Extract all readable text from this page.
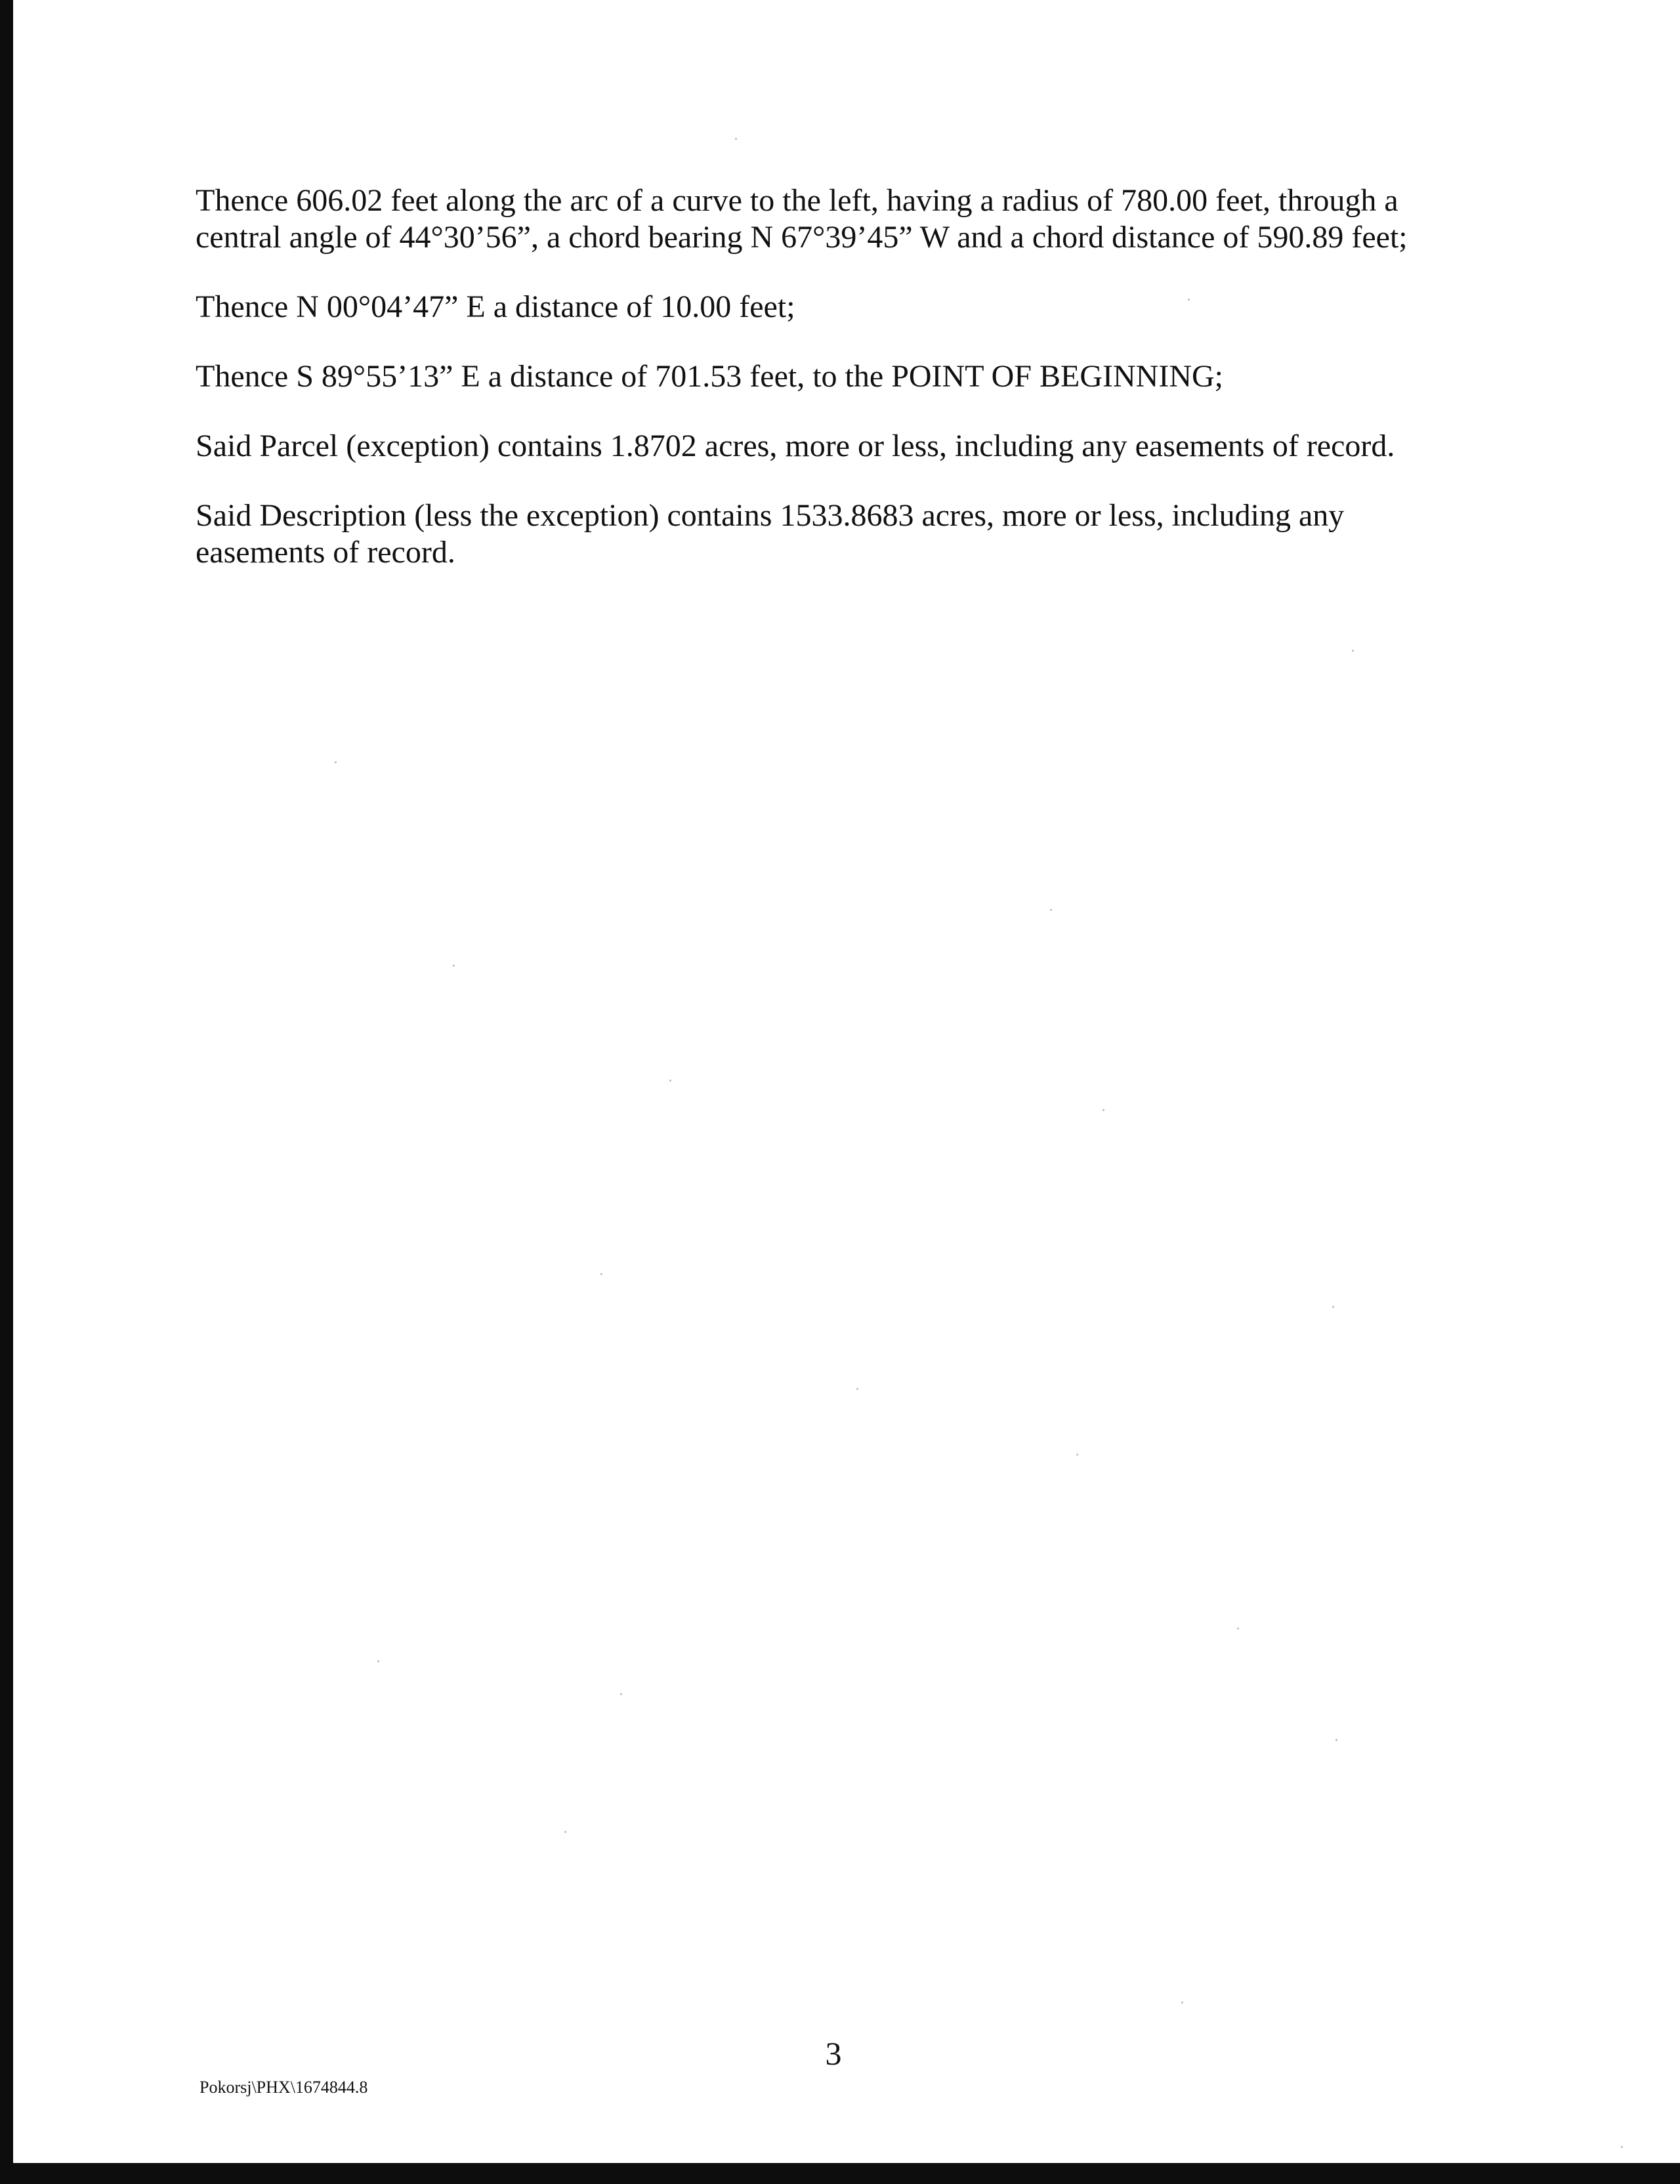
Thence 606.02 feet along the arc of a curve to the left, having a radius of 780.00 feet, through a
central angle of 44°30’56”, a chord bearing N 67°39’45” W and a chord distance of 590.89 feet;

Thence N 00°04’47” E a distance of 10.00 feet;

Thence S 89°55’13” E a distance of 701.53 feet, to the POINT OF BEGINNING;

Said Parcel (exception) contains 1.8702 acres, more or less, including any easements of record.

Said Description (less the exception) contains 1533.8683 acres, more or less, including any
easements of record.

3
Pokorsj\PHX\1674844.8
